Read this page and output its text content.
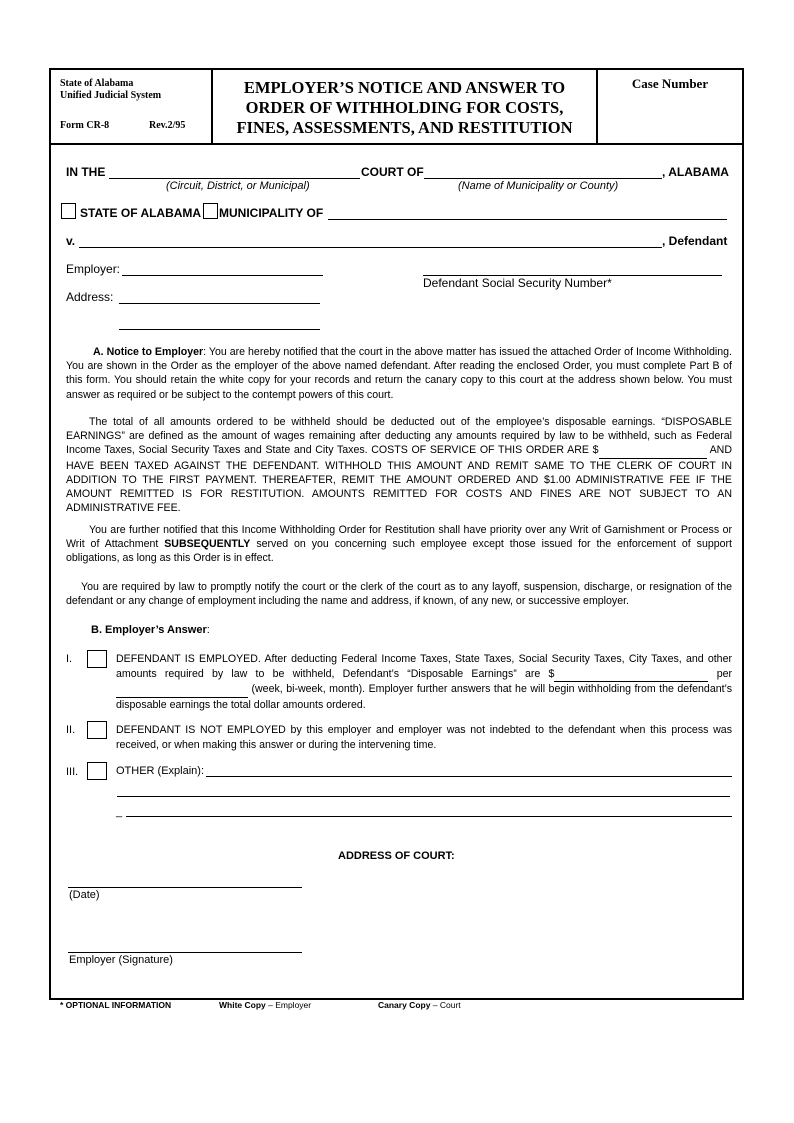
State of Alabama
Unified Judicial System
Form CR-8	Rev.2/95
EMPLOYER’S NOTICE AND ANSWER TO
ORDER OF WITHHOLDING FOR COSTS,
FINES, ASSESSMENTS, AND RESTITUTION
Case Number
IN THE	COURT OF	, ALABAMA
(Circuit, District, or Municipal)	(Name of Municipality or County)
STATE OF ALABAMA MUNICIPALITY OF
v.	, Defendant
Employer:
Defendant Social Security Number*
Address:
A. Notice to Employer: You are hereby notified that the court in the above matter has issued the attached Order of Income Withholding. You are shown in the Order as the employer of the above named defendant. After reading the enclosed Order, you must complete Part B of this form. You should retain the white copy for your records and return the canary copy to this court at the address shown below. You must answer as required or be subject to the contempt powers of this court.
The total of all amounts ordered to be withheld should be deducted out of the employee’s disposable earnings. “DISPOSABLE EARNINGS” are defined as the amount of wages remaining after deducting any amounts required by law to be withheld, such as Federal Income Taxes, Social Security Taxes and State and City Taxes. COSTS OF SERVICE OF THIS ORDER ARE $	AND HAVE BEEN TAXED AGAINST THE DEFENDANT. WITHHOLD THIS AMOUNT AND REMIT SAME TO THE CLERK OF COURT IN ADDITION TO THE FIRST PAYMENT. THEREAFTER, REMIT THE AMOUNT ORDERED AND $1.00 ADMINISTRATIVE FEE IF THE AMOUNT REMITTED IS FOR RESTITUTION. AMOUNTS REMITTED FOR COSTS AND FINES ARE NOT SUBJECT TO AN ADMINISTRATIVE FEE.
You are further notified that this Income Withholding Order for Restitution shall have priority over any Writ of Garnishment or Process or Writ of Attachment SUBSEQUENTLY served on you concerning such employee except those issued for the enforcement of support obligations, as long as this Order is in effect.
You are required by law to promptly notify the court or the clerk of the court as to any layoff, suspension, discharge, or resignation of the defendant or any change of employment including the name and address, if known, of any new, or successive employer.
B. Employer’s Answer:
I.	DEFENDANT IS EMPLOYED. After deducting Federal Income Taxes, State Taxes, Social Security Taxes, City Taxes, and other amounts required by law to be withheld, Defendant’s “Disposable Earnings” are $	per  (week, bi-week, month). Employer further answers that he will begin withholding from the defendant’s disposable earnings the total dollar amounts ordered.
II.	DEFENDANT IS NOT EMPLOYED by this employer and employer was not indebted to the defendant when this process was received, or when making this answer or during the intervening time.
III.	OTHER (Explain):
_
ADDRESS OF COURT:
(Date)
Employer (Signature)
* OPTIONAL INFORMATION	White Copy – Employer	Canary Copy – Court
